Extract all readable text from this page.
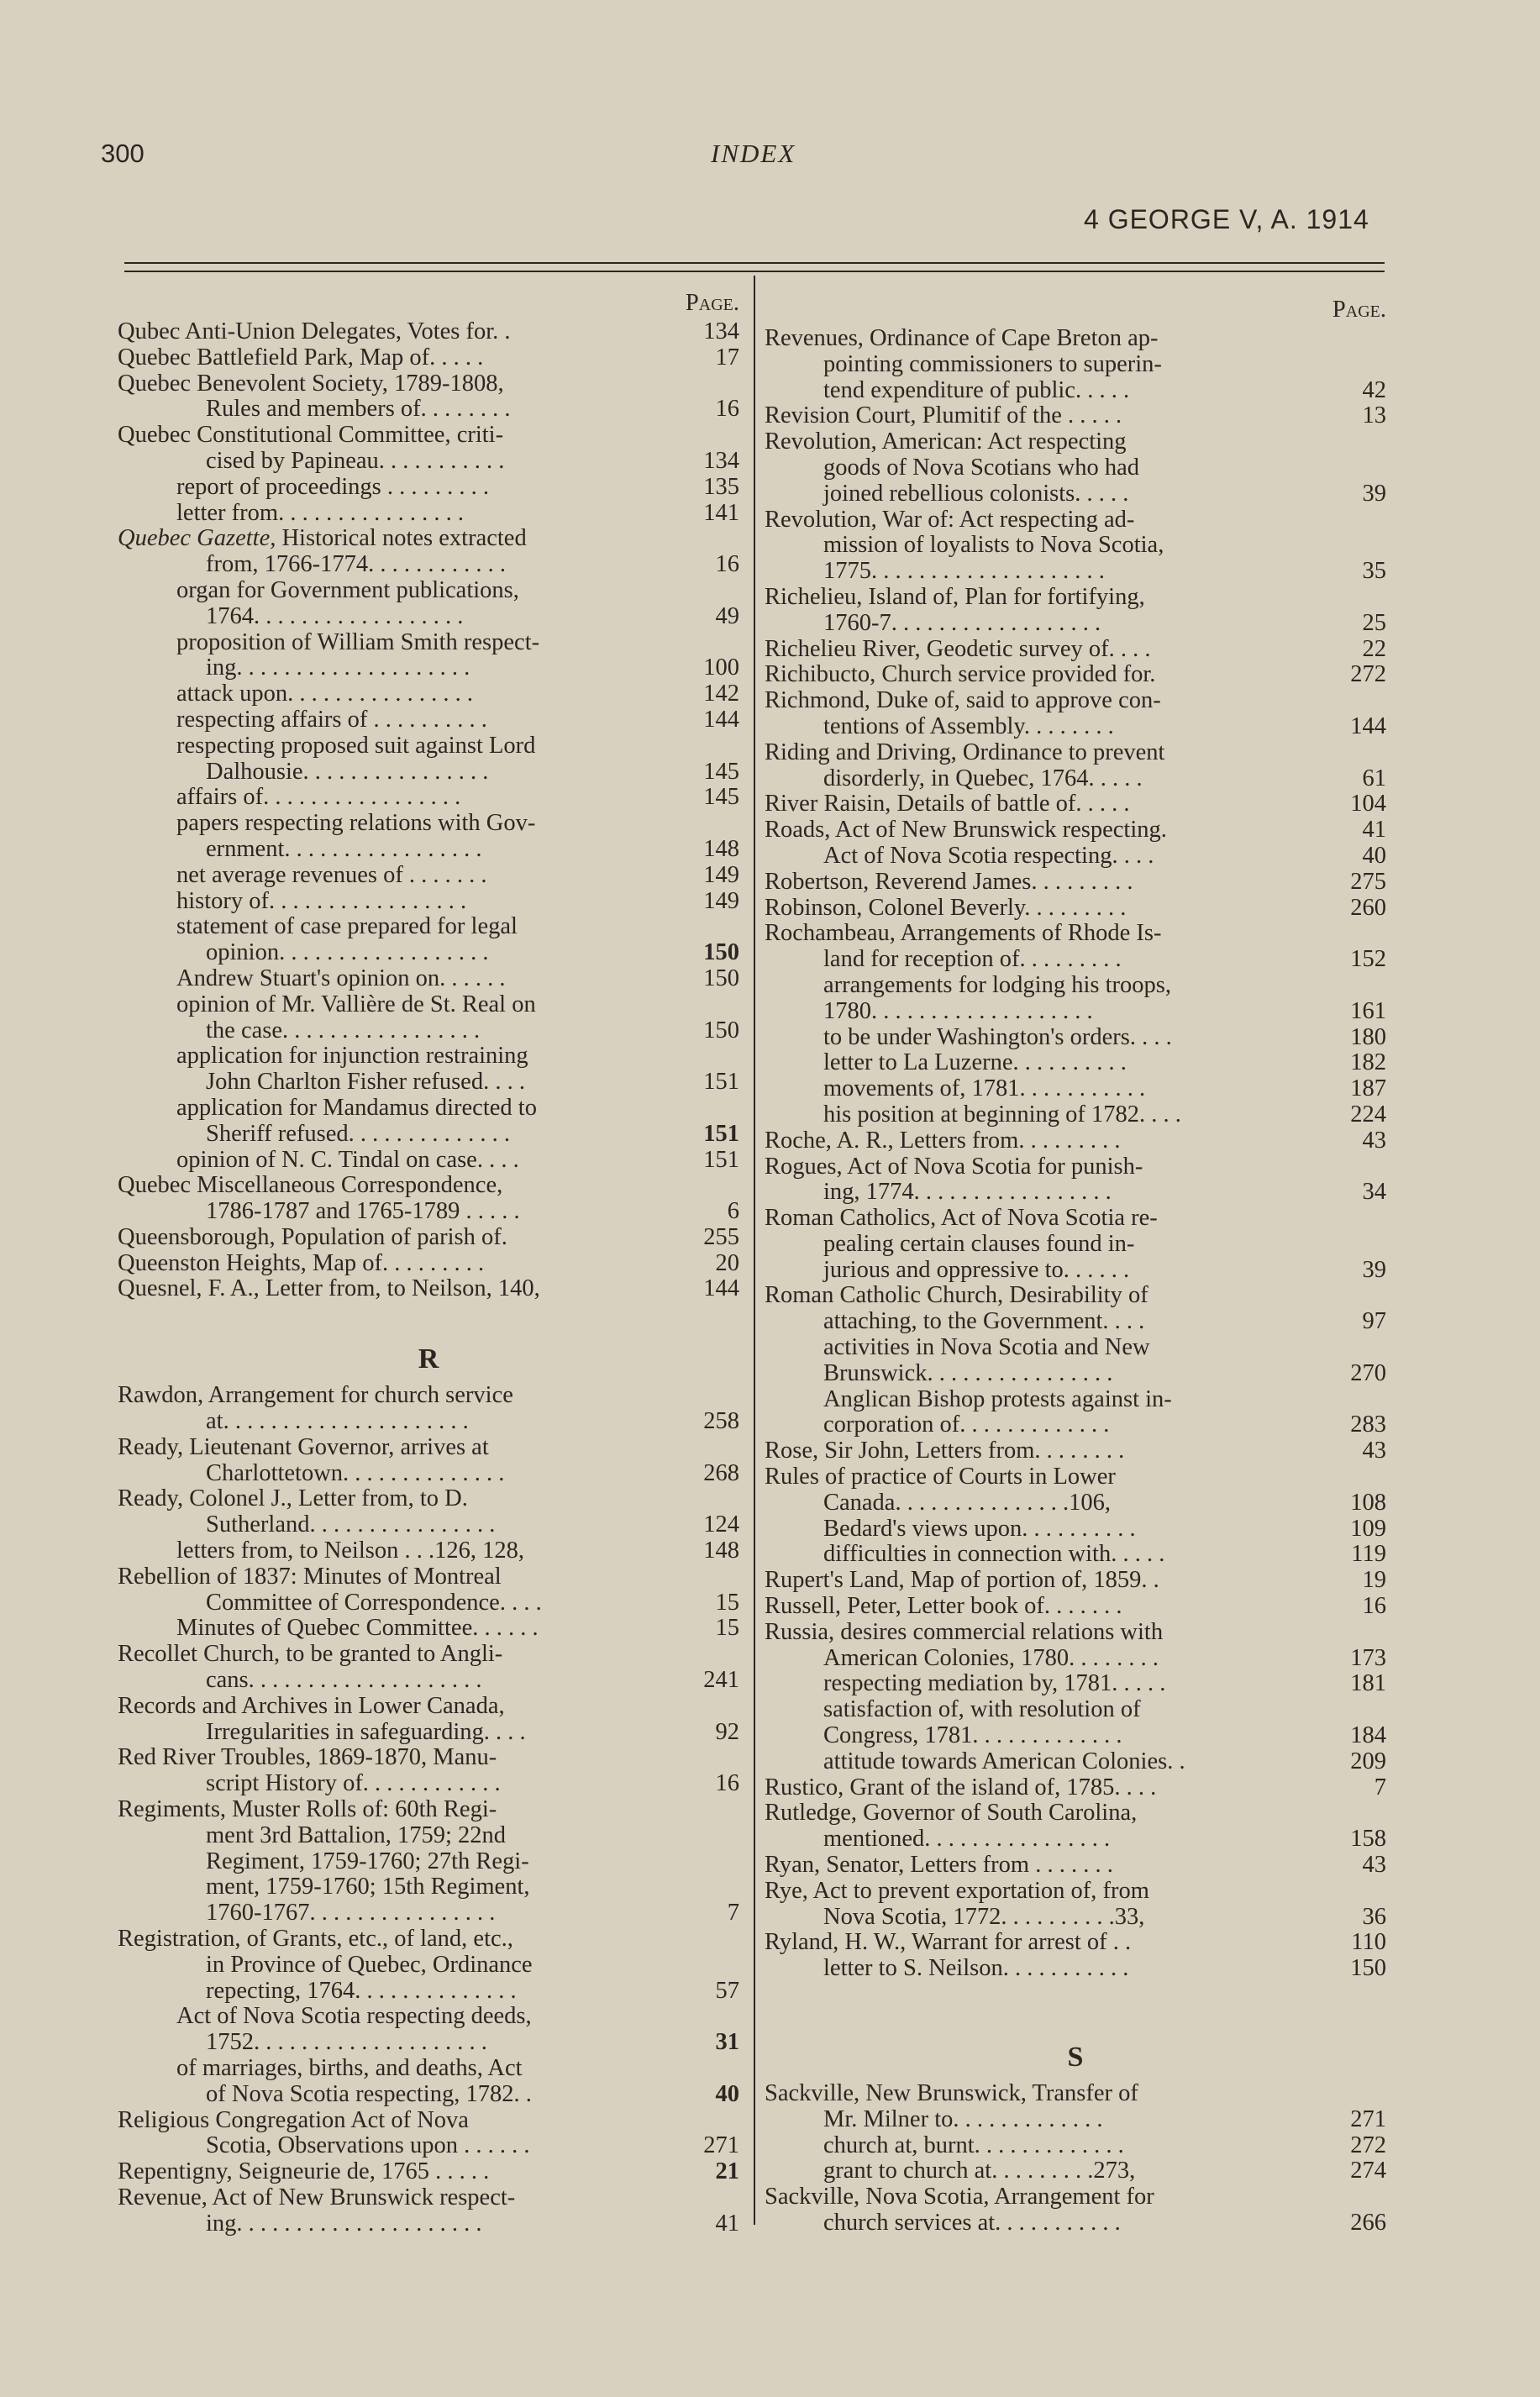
300	INDEX
4 GEORGE V, A. 1914
Page.
Qubec Anti-Union Delegates, Votes for. .	134
Quebec Battlefield Park, Map of. . . . .	17
Quebec Benevolent Society, 1789-1808,
Rules and members of. . . . . . . .	16
Quebec Constitutional Committee, criti-
cised by Papineau. . . . . . . . . . .	134
report of proceedings . . . . . . . . .	135
letter from. . . . . . . . . . . . . . . .	141
Quebec Gazette, Historical notes extracted
from, 1766-1774. . . . . . . . . . . .	16
organ for Government publications,
1764. . . . . . . . . . . . . . . . . .	49
proposition of William Smith respect-
ing. . . . . . . . . . . . . . . . . . . .	100
attack upon. . . . . . . . . . . . . . . .	142
respecting affairs of . . . . . . . . . .	144
respecting proposed suit against Lord
Dalhousie. . . . . . . . . . . . . . . .	145
affairs of. . . . . . . . . . . . . . . . .	145
papers respecting relations with Gov-
ernment. . . . . . . . . . . . . . . . .	148
net average revenues of . . . . . . .	149
history of. . . . . . . . . . . . . . . . .	149
statement of case prepared for legal
opinion. . . . . . . . . . . . . . . . . .	150
Andrew Stuart's opinion on. . . . . .	150
opinion of Mr. Vallière de St. Real on
the case. . . . . . . . . . . . . . . . .	150
application for injunction restraining
John Charlton Fisher refused. . . .	151
application for Mandamus directed to
Sheriff refused. . . . . . . . . . . . . .	151
opinion of N. C. Tindal on case. . . .	151
Quebec Miscellaneous Correspondence,
1786-1787 and 1765-1789 . . . . .	6
Queensborough, Population of parish of.	255
Queenston Heights, Map of. . . . . . . . .	20
Quesnel, F. A., Letter from, to Neilson, 140,	144
R
Rawdon, Arrangement for church service
at. . . . . . . . . . . . . . . . . . . . .	258
Ready, Lieutenant Governor, arrives at
Charlottetown. . . . . . . . . . . . . .	268
Ready, Colonel J., Letter from, to D.
Sutherland. . . . . . . . . . . . . . . .	124
letters from, to Neilson . . .126, 128,	148
Rebellion of 1837: Minutes of Montreal
Committee of Correspondence. . . .	15
Minutes of Quebec Committee. . . . . .	15
Recollet Church, to be granted to Angli-
cans. . . . . . . . . . . . . . . . . . . .	241
Records and Archives in Lower Canada,
Irregularities in safeguarding. . . .	92
Red River Troubles, 1869-1870, Manu-
script History of. . . . . . . . . . . .	16
Regiments, Muster Rolls of: 60th Regi-
ment 3rd Battalion, 1759; 22nd
Regiment, 1759-1760; 27th Regi-
ment, 1759-1760; 15th Regiment,
1760-1767. . . . . . . . . . . . . . . .	7
Registration, of Grants, etc., of land, etc.,
in Province of Quebec, Ordinance
repecting, 1764. . . . . . . . . . . . . .	57
Act of Nova Scotia respecting deeds,
1752. . . . . . . . . . . . . . . . . . . .	31
of marriages, births, and deaths, Act
of Nova Scotia respecting, 1782. .	40
Religious Congregation Act of Nova
Scotia, Observations upon . . . . . .	271
Repentigny, Seigneurie de, 1765 . . . . .	21
Revenue, Act of New Brunswick respect-
ing. . . . . . . . . . . . . . . . . . . . .	41
Page.
Revenues, Ordinance of Cape Breton ap-
pointing commissioners to superin-
tend expenditure of public. . . . .	42
Revision Court, Plumitif of the . . . . .	13
Revolution, American: Act respecting
goods of Nova Scotians who had
joined rebellious colonists. . . . .	39
Revolution, War of: Act respecting ad-
mission of loyalists to Nova Scotia,
1775. . . . . . . . . . . . . . . . . . . .	35
Richelieu, Island of, Plan for fortifying,
1760-7. . . . . . . . . . . . . . . . . .	25
Richelieu River, Geodetic survey of. . . .	22
Richibucto, Church service provided for.	272
Richmond, Duke of, said to approve con-
tentions of Assembly. . . . . . . .	144
Riding and Driving, Ordinance to prevent
disorderly, in Quebec, 1764. . . . .	61
River Raisin, Details of battle of. . . . .	104
Roads, Act of New Brunswick respecting.	41
Act of Nova Scotia respecting. . . .	40
Robertson, Reverend James. . . . . . . . .	275
Robinson, Colonel Beverly. . . . . . . . .	260
Rochambeau, Arrangements of Rhode Is-
land for reception of. . . . . . . . .	152
arrangements for lodging his troops,
1780. . . . . . . . . . . . . . . . . . .	161
to be under Washington's orders. . . .	180
letter to La Luzerne. . . . . . . . . .	182
movements of, 1781. . . . . . . . . . .	187
his position at beginning of 1782. . . .	224
Roche, A. R., Letters from. . . . . . . . .	43
Rogues, Act of Nova Scotia for punish-
ing, 1774. . . . . . . . . . . . . . . . .	34
Roman Catholics, Act of Nova Scotia re-
pealing certain clauses found in-
jurious and oppressive to. . . . . .	39
Roman Catholic Church, Desirability of
attaching, to the Government. . . .	97
activities in Nova Scotia and New
Brunswick. . . . . . . . . . . . . . . .	270
Anglican Bishop protests against in-
corporation of. . . . . . . . . . . . .	283
Rose, Sir John, Letters from. . . . . . . .	43
Rules of practice of Courts in Lower
Canada. . . . . . . . . . . . . . .106,	108
Bedard's views upon. . . . . . . . . .	109
difficulties in connection with. . . . .	119
Rupert's Land, Map of portion of, 1859. .	19
Russell, Peter, Letter book of. . . . . . .	16
Russia, desires commercial relations with
American Colonies, 1780. . . . . . . .	173
respecting mediation by, 1781. . . . .	181
satisfaction of, with resolution of
Congress, 1781. . . . . . . . . . . . .	184
attitude towards American Colonies. .	209
Rustico, Grant of the island of, 1785. . . .	7
Rutledge, Governor of South Carolina,
mentioned. . . . . . . . . . . . . . . .	158
Ryan, Senator, Letters from . . . . . . .	43
Rye, Act to prevent exportation of, from
Nova Scotia, 1772. . . . . . . . . .33,	36
Ryland, H. W., Warrant for arrest of . .	110
letter to S. Neilson. . . . . . . . . . .	150
S
Sackville, New Brunswick, Transfer of
Mr. Milner to. . . . . . . . . . . . .	271
church at, burnt. . . . . . . . . . . . .	272
grant to church at. . . . . . . . .273,	274
Sackville, Nova Scotia, Arrangement for
church services at. . . . . . . . . . .	266
